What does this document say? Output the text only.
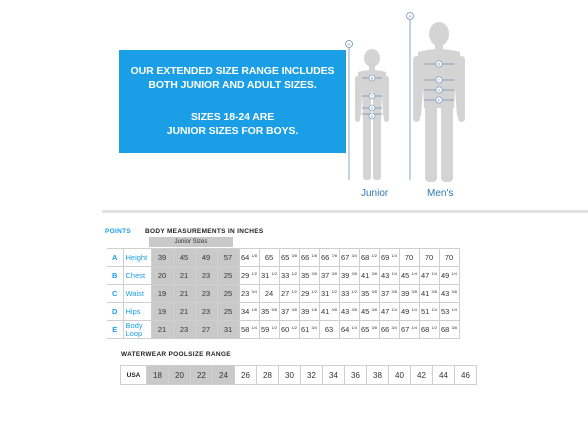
OUR EXTENDED SIZE RANGE INCLUDES

BOTH JUNIOR AND ADULT SIZES.

SIZES 18-24 ARE

JUNIOR SIZES FOR BOYS.

A
B
C
D
E
A
B
C
D
E
Junior	Men's
POINTS BODY MEASUREMENTS IN INCHES
Junior Sizes
A	Height	39	45	49	57	64 $^{1/8}$	65	65 $^{3/8}$	66 $^{1/8}$	66 $^{7/8}$	67 $^{3/4}$	68 $^{1/2}$	69 $^{1/4}$	70	70	70
B	Chest	20	21	23	25	29 $^{1/2}$	31 $^{1/2}$	33 $^{1/2}$	35 $^{3/8}$	37 $^{3/8}$	39 $^{3/8}$	41 $^{3/8}$	43 $^{1/4}$	45 $^{1/4}$	47 $^{1/4}$	49 $^{1/4}$
C	Waist	19	21	23	25	23 $^{3/4}$	24	27 $^{1/2}$	29 $^{1/2}$	31 $^{1/2}$	33 $^{1/2}$	35 $^{3/8}$	37 $^{3/8}$	39 $^{3/8}$	41 $^{3/8}$	43 $^{3/8}$
D	Hips	19	21	23	25	34 $^{1/8}$	35 $^{5/8}$	37 $^{3/8}$	39 $^{1/8}$	41 $^{3/8}$	43 $^{3/8}$	45 $^{3/8}$	47 $^{1/4}$	49 $^{1/4}$	51 $^{1/4}$	53 $^{1/4}$
E	Body Loop	21	23	27	31	58 $^{1/4}$	59 $^{1/2}$	60 $^{1/2}$	61 $^{3/4}$	63	64 $^{1/4}$	65 $^{3/8}$	66 $^{3/4}$	67 $^{1/4}$	68 $^{1/2}$	68 $^{3/8}$
WATERWEAR POOLSIZE RANGE
USA	18	20	22	24	26	28	30	32	34	36	38	40	42	44	46
